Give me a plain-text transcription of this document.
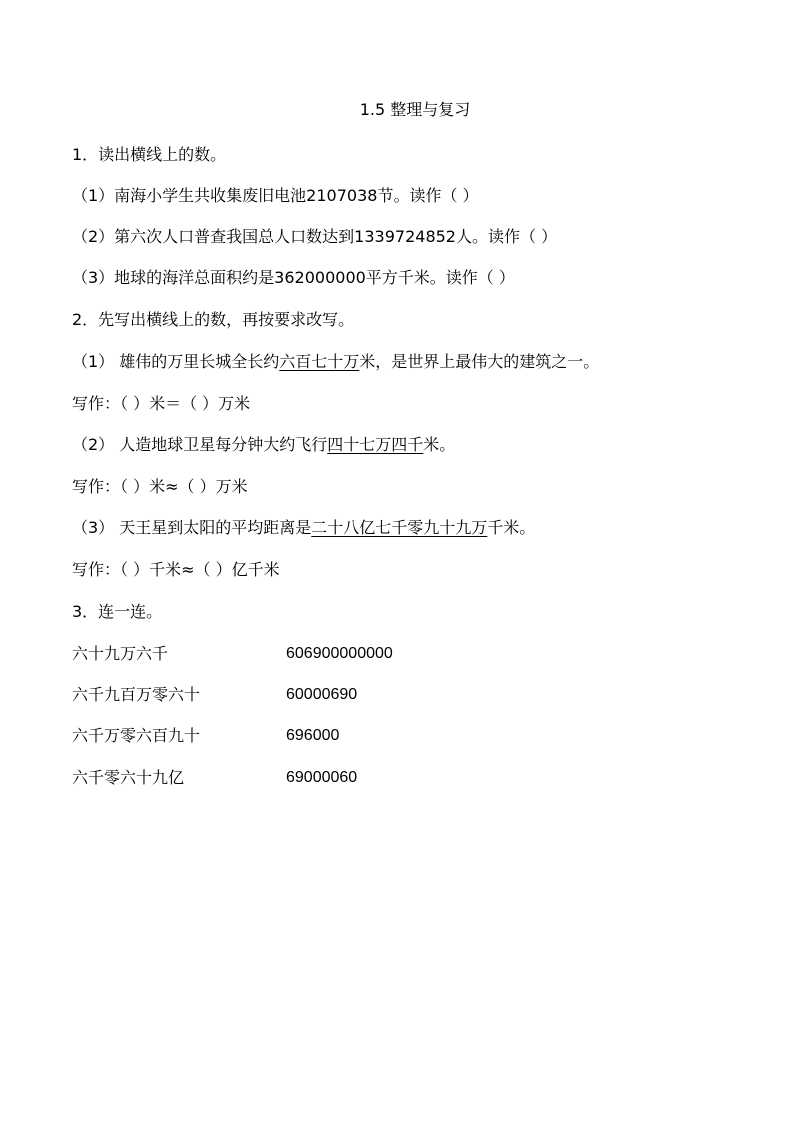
1.5 整理与复习
1．读出横线上的数。
（1）南海小学生共收集废旧电池2107038节。读作（ ）
（2）第六次人口普查我国总人口数达到1339724852人。读作（ ）
（3）地球的海洋总面积约是362000000平方千米。读作（ ）
2．先写出横线上的数，再按要求改写。
（1） 雄伟的万里长城全长约六百七十万米，是世界上最伟大的建筑之一。
写作：（ ）米＝（ ）万米
（2） 人造地球卫星每分钟大约飞行四十七万四千米。
写作：（ ）米≈（ ）万米
（3） 天王星到太阳的平均距离是二十八亿七千零九十九万千米。
写作：（ ）千米≈（ ）亿千米
3．连一连。
六十九万六千	606900000000
六千九百万零六十	60000690
六千万零六百九十	696000
六千零六十九亿	69000060
